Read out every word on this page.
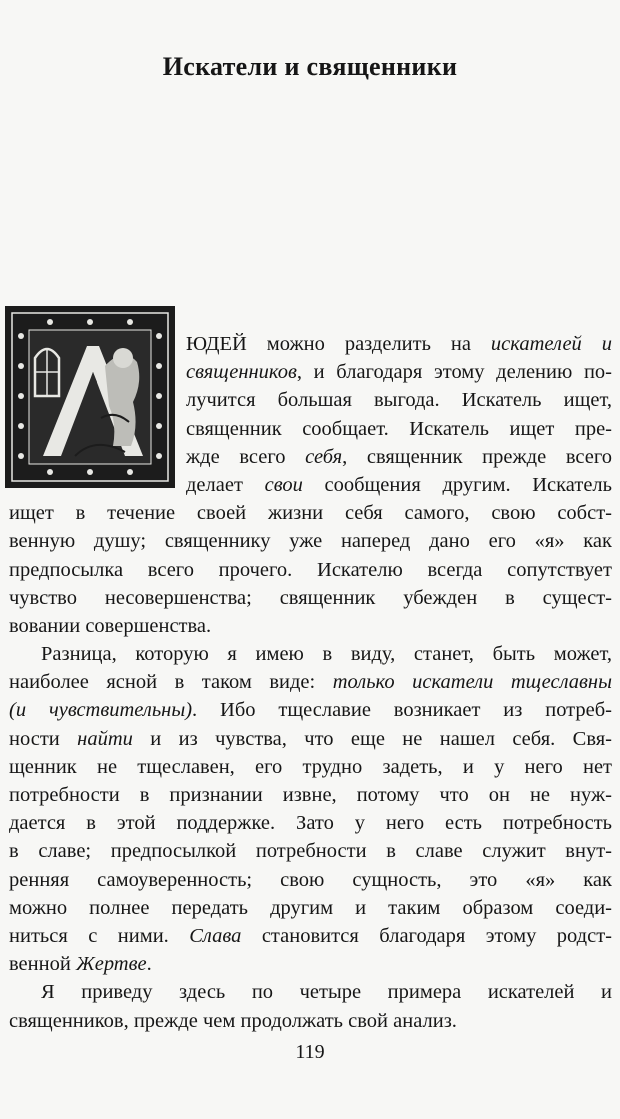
Искатели и священники
ЮДЕЙ можно разделить на искателей и
священников, и благодаря этому делению по-
лучится большая выгода. Искатель ищет,
священник сообщает. Искатель ищет пре-
жде всего себя, священник прежде всего
делает свои сообщения другим. Искатель
ищет в течение своей жизни себя самого, свою собст-
венную душу; священнику уже наперед дано его «я» как
предпосылка всего прочего. Искателю всегда сопутствует
чувство несовершенства; священник убежден в сущест-
вовании совершенства.
Разница, которую я имею в виду, станет, быть может,
наиболее ясной в таком виде: только искатели тщеславны
(и чувствительны). Ибо тщеславие возникает из потреб-
ности найти и из чувства, что еще не нашел себя. Свя-
щенник не тщеславен, его трудно задеть, и у него нет
потребности в признании извне, потому что он не нуж-
дается в этой поддержке. Зато у него есть потребность
в славе; предпосылкой потребности в славе служит внут-
ренняя самоуверенность; свою сущность, это «я» как
можно полнее передать другим и таким образом соеди-
ниться с ними. Слава становится благодаря этому родст-
венной Жертве.
Я приведу здесь по четыре примера искателей и
священников, прежде чем продолжать свой анализ.
119
